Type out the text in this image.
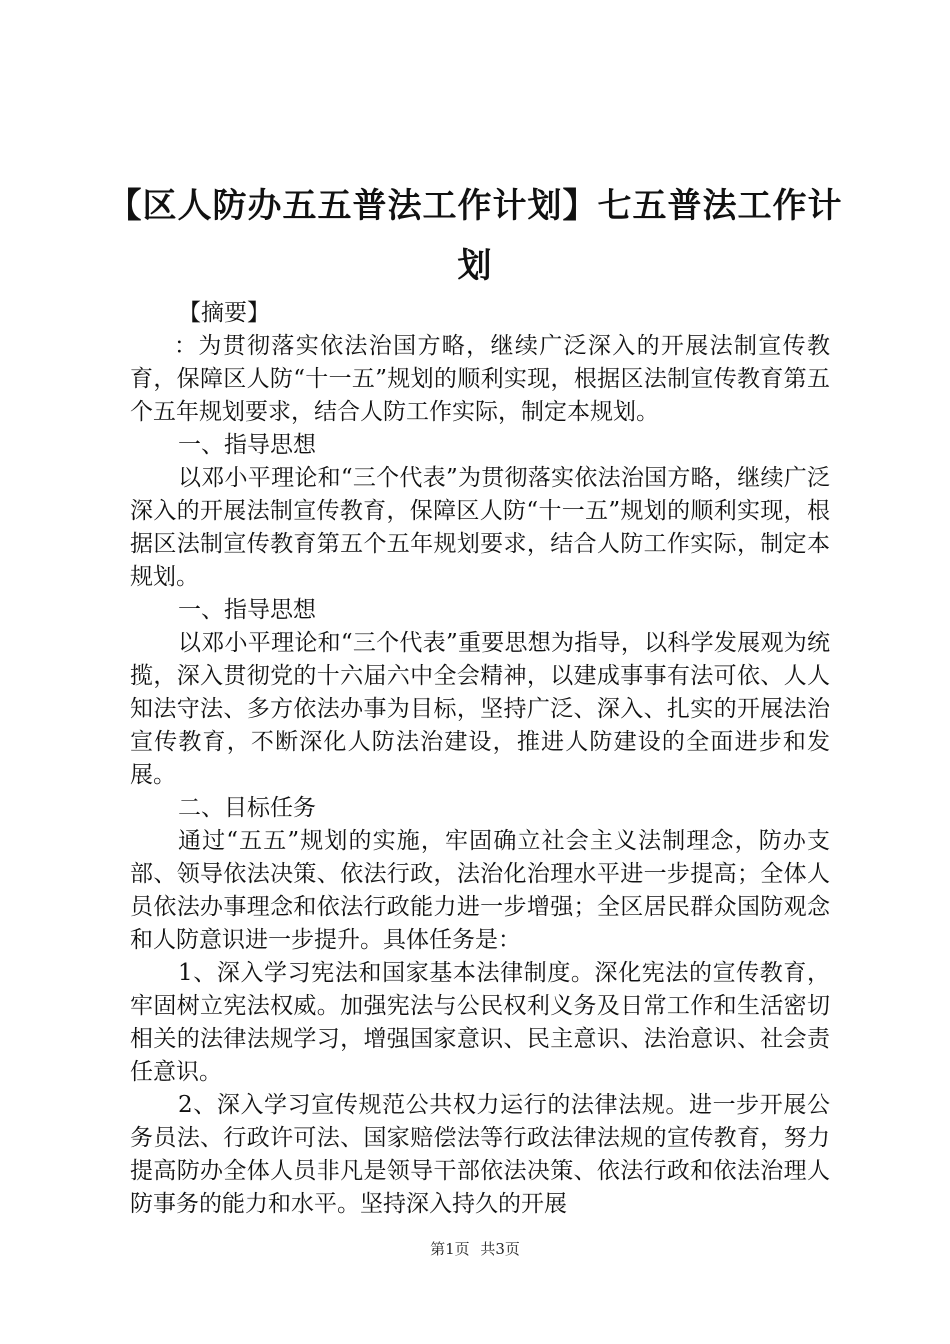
【区人防办五五普法工作计划】七五普法工作计划

【摘要】

：为贯彻落实依法治国方略，继续广泛深入的开展法制宣传教育，保障区人防“十一五”规划的顺利实现，根据区法制宣传教育第五个五年规划要求，结合人防工作实际，制定本规划。

一、指导思想

以邓小平理论和“三个代表”为贯彻落实依法治国方略，继续广泛深入的开展法制宣传教育，保障区人防“十一五”规划的顺利实现，根据区法制宣传教育第五个五年规划要求，结合人防工作实际，制定本规划。

一、指导思想

以邓小平理论和“三个代表”重要思想为指导，以科学发展观为统揽，深入贯彻党的十六届六中全会精神，以建成事事有法可依、人人知法守法、多方依法办事为目标，坚持广泛、深入、扎实的开展法治宣传教育，不断深化人防法治建设，推进人防建设的全面进步和发展。

二、目标任务

通过“五五”规划的实施，牢固确立社会主义法制理念，防办支部、领导依法决策、依法行政，法治化治理水平进一步提高；全体人员依法办事理念和依法行政能力进一步增强；全区居民群众国防观念和人防意识进一步提升。具体任务是：

1、深入学习宪法和国家基本法律制度。深化宪法的宣传教育，牢固树立宪法权威。加强宪法与公民权利义务及日常工作和生活密切相关的法律法规学习，增强国家意识、民主意识、法治意识、社会责任意识。

2、深入学习宣传规范公共权力运行的法律法规。进一步开展公务员法、行政许可法、国家赔偿法等行政法律法规的宣传教育，努力提高防办全体人员非凡是领导干部依法决策、依法行政和依法治理人防事务的能力和水平。坚持深入持久的开展

第1页 共3页
